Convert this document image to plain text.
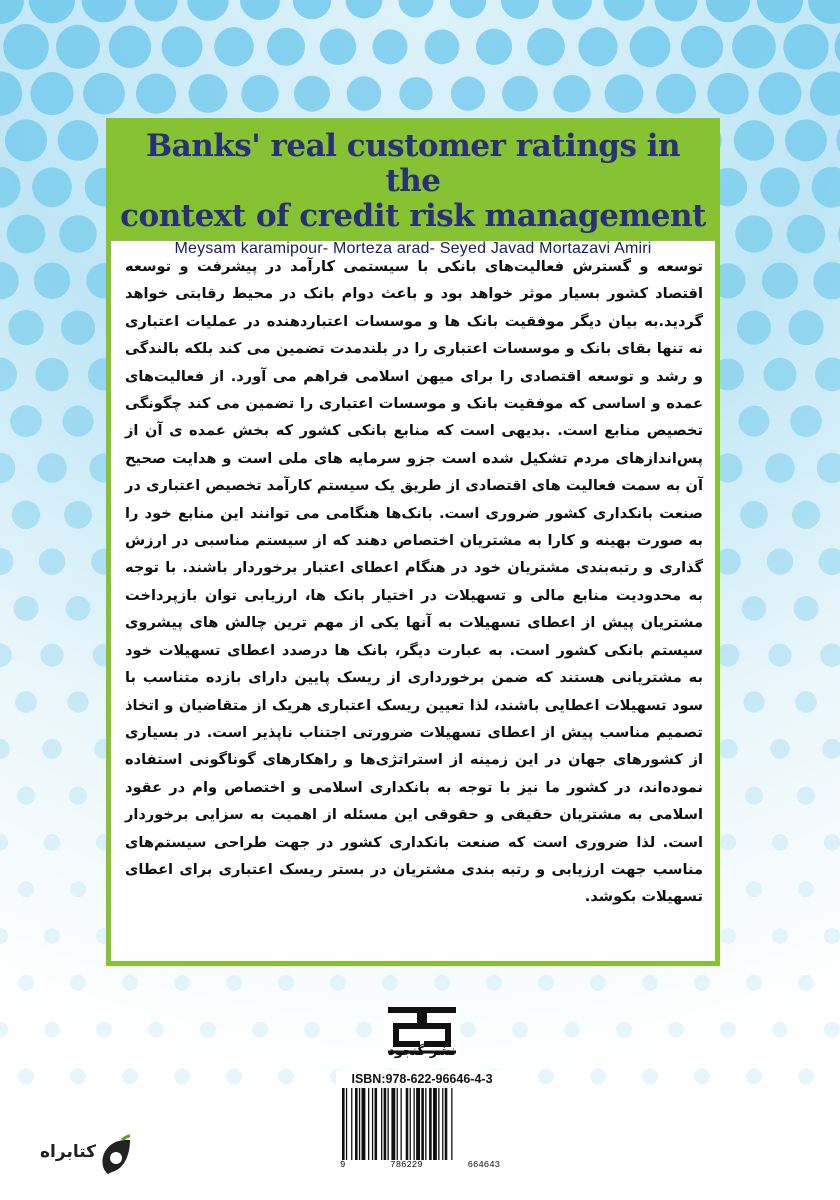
Banks' real customer ratings in the
context of credit risk management
Meysam karamipour- Morteza arad- Seyed Javad Mortazavi Amiri
توسعه و گسترش فعالیت‌های بانکی با سیستمی کارآمد در پیشرفت و توسعه اقتصاد کشور بسیار موثر خواهد بود و باعث دوام بانک در محیط رقابتی خواهد گردید.به بیان دیگر موفقیت بانک ها و موسسات اعتباردهنده در عملیات اعتباری نه تنها بقای بانک و موسسات اعتباری را در بلندمدت تضمین می کند بلکه بالندگی و رشد و توسعه اقتصادی را برای میهن اسلامی فراهم می آورد. از فعالیت‌های عمده و اساسی که موفقیت بانک و موسسات اعتباری را تضمین می کند چگونگی تخصیص منابع است. .بدیهی است که منابع بانکی کشور که بخش عمده ی آن از پس‌اندازهای مردم تشکیل شده است جزو سرمایه های ملی است و هدایت صحیح آن به سمت فعالیت های اقتصادی از طریق یک سیستم کارآمد تخصیص اعتباری در صنعت بانکداری کشور ضروری است. بانک‌ها هنگامی می توانند این منابع خود را به صورت بهینه و کارا به مشتریان اختصاص دهند که از سیستم مناسبی در ارزش گذاری و رتبه‌بندی مشتریان خود در هنگام اعطای اعتبار برخوردار باشند. با توجه به محدودیت منابع مالی و تسهیلات در اختیار بانک ها، ارزیابی توان بازپرداخت مشتریان پیش از اعطای تسهیلات به آنها یکی از مهم ترین چالش های پیشروی سیستم بانکی کشور است. به عبارت دیگر، بانک ها درصدد اعطای تسهیلات خود به مشتریانی هستند که ضمن برخورداری از ریسک پایین دارای بازده متناسب با سود تسهیلات اعطایی باشند، لذا تعیین ریسک اعتباری هریک از متقاضیان و اتخاذ تصمیم مناسب پیش از اعطای تسهیلات ضرورتی اجتناب ناپذیر است. در بسیاری از کشورهای جهان در این زمینه از استراتژی‌ها و راهکارهای گوناگونی استفاده نموده‌اند، در کشور ما نیز با توجه به بانکداری اسلامی و اختصاص وام در عقود اسلامی به مشتریان حقیقی و حقوقی این مسئله از اهمیت به سزایی برخوردار است. لذا ضروری است که صنعت بانکداری کشور در جهت طراحی سیستم‌های مناسب جهت ارزیابی و رتبه بندی مشتریان در بستر ریسک اعتباری برای اعطای تسهیلات بکوشد.
نشر گنجود
ISBN:978-622-96646-4-3
9	786229	664643
کتابراه
